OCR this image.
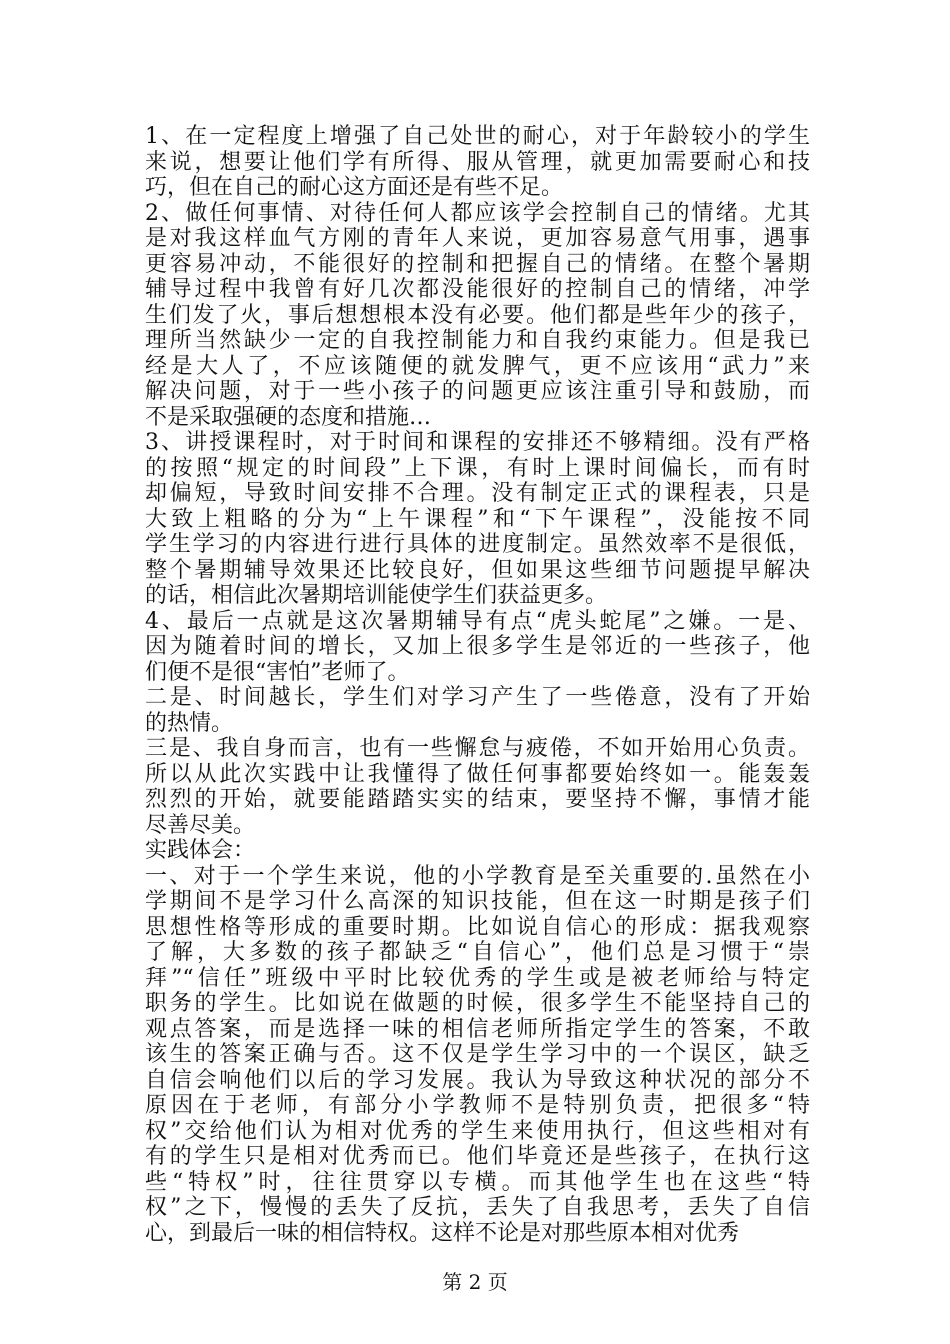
1、在一定程度上增强了自己处世的耐心，对于年龄较小的学生
来说，想要让他们学有所得、服从管理，就更加需要耐心和技
巧，但在自己的耐心这方面还是有些不足。
2、做任何事情、对待任何人都应该学会控制自己的情绪。尤其
是对我这样血气方刚的青年人来说，更加容易意气用事，遇事
更容易冲动，不能很好的控制和把握自己的情绪。在整个暑期
辅导过程中我曾有好几次都没能很好的控制自己的情绪，冲学
生们发了火，事后想想根本没有必要。他们都是些年少的孩子，
理所当然缺少一定的自我控制能力和自我约束能力。但是我已
经是大人了，不应该随便的就发脾气，更不应该用“武力”来
解决问题，对于一些小孩子的问题更应该注重引导和鼓励，而
不是采取强硬的态度和措施…
3、讲授课程时，对于时间和课程的安排还不够精细。没有严格
的按照“规定的时间段”上下课，有时上课时间偏长，而有时
却偏短，导致时间安排不合理。没有制定正式的课程表，只是
大致上粗略的分为“上午课程”和“下午课程”，没能按不同
学生学习的内容进行进行具体的进度制定。虽然效率不是很低，
整个暑期辅导效果还比较良好，但如果这些细节问题提早解决
的话，相信此次暑期培训能使学生们获益更多。
4、最后一点就是这次暑期辅导有点“虎头蛇尾”之嫌。一是、
因为随着时间的增长，又加上很多学生是邻近的一些孩子，他
们便不是很“害怕”老师了。
二是、时间越长，学生们对学习产生了一些倦意，没有了开始
的热情。
三是、我自身而言，也有一些懈怠与疲倦，不如开始用心负责。
所以从此次实践中让我懂得了做任何事都要始终如一。能轰轰
烈烈的开始，就要能踏踏实实的结束，要坚持不懈，事情才能
尽善尽美。
实践体会：
一、对于一个学生来说，他的小学教育是至关重要的.虽然在小
学期间不是学习什么高深的知识技能，但在这一时期是孩子们
思想性格等形成的重要时期。比如说自信心的形成：据我观察
了解，大多数的孩子都缺乏“自信心”，他们总是习惯于“崇
拜”“信任”班级中平时比较优秀的学生或是被老师给与特定
职务的学生。比如说在做题的时候，很多学生不能坚持自己的
观点答案，而是选择一味的相信老师所指定学生的答案，不敢
该生的答案正确与否。这不仅是学生学习中的一个误区，缺乏
自信会响他们以后的学习发展。我认为导致这种状况的部分不
原因在于老师，有部分小学教师不是特别负责，把很多“特
权”交给他们认为相对优秀的学生来使用执行，但这些相对有
有的学生只是相对优秀而已。他们毕竟还是些孩子，在执行这
些“特权”时，往往贯穿以专横。而其他学生也在这些“特
权”之下，慢慢的丢失了反抗，丢失了自我思考，丢失了自信
心，到最后一味的相信特权。这样不论是对那些原本相对优秀
第 2 页
